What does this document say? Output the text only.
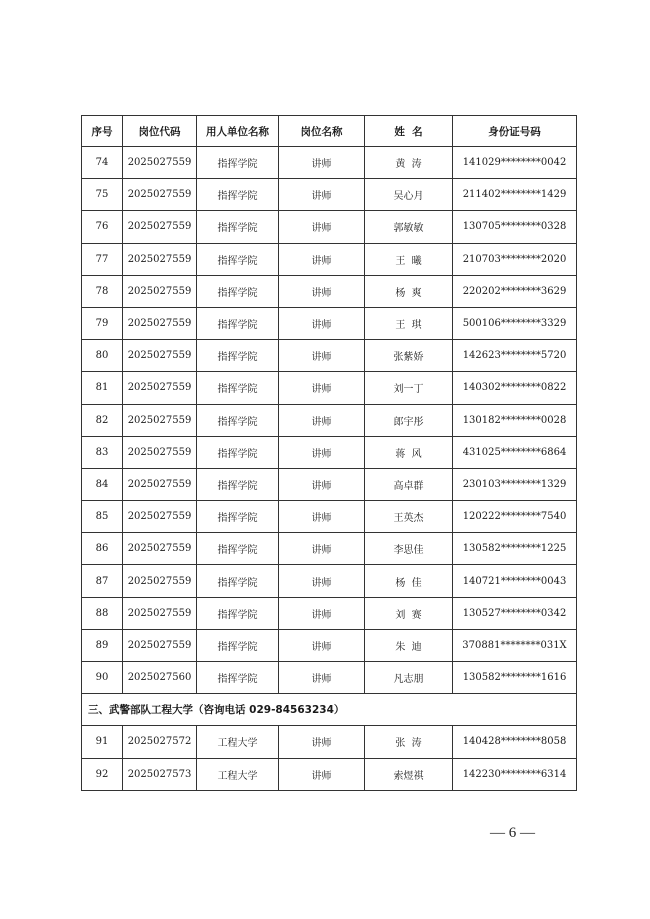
序号	岗位代码	用人单位名称	岗位名称	姓  名	身份证号码
74	2025027559	指挥学院	讲师	黄  涛	141029********0042
75	2025027559	指挥学院	讲师	吴心月	211402********1429
76	2025027559	指挥学院	讲师	郭敏敏	130705********0328
77	2025027559	指挥学院	讲师	王  曦	210703********2020
78	2025027559	指挥学院	讲师	杨  爽	220202********3629
79	2025027559	指挥学院	讲师	王  琪	500106********3329
80	2025027559	指挥学院	讲师	张紫娇	142623********5720
81	2025027559	指挥学院	讲师	刘一丁	140302********0822
82	2025027559	指挥学院	讲师	郎宇彤	130182********0028
83	2025027559	指挥学院	讲师	蒋  风	431025********6864
84	2025027559	指挥学院	讲师	高卓群	230103********1329
85	2025027559	指挥学院	讲师	王英杰	120222********7540
86	2025027559	指挥学院	讲师	李思佳	130582********1225
87	2025027559	指挥学院	讲师	杨  佳	140721********0043
88	2025027559	指挥学院	讲师	刘  赛	130527********0342
89	2025027559	指挥学院	讲师	朱  迪	370881********031X
90	2025027560	指挥学院	讲师	凡志朋	130582********1616
三、武警部队工程大学（咨询电话 029-84563234）					
91	2025027572	工程大学	讲师	张  涛	140428********8058
92	2025027573	工程大学	讲师	索煜祺	142230********6314
— 6 —
